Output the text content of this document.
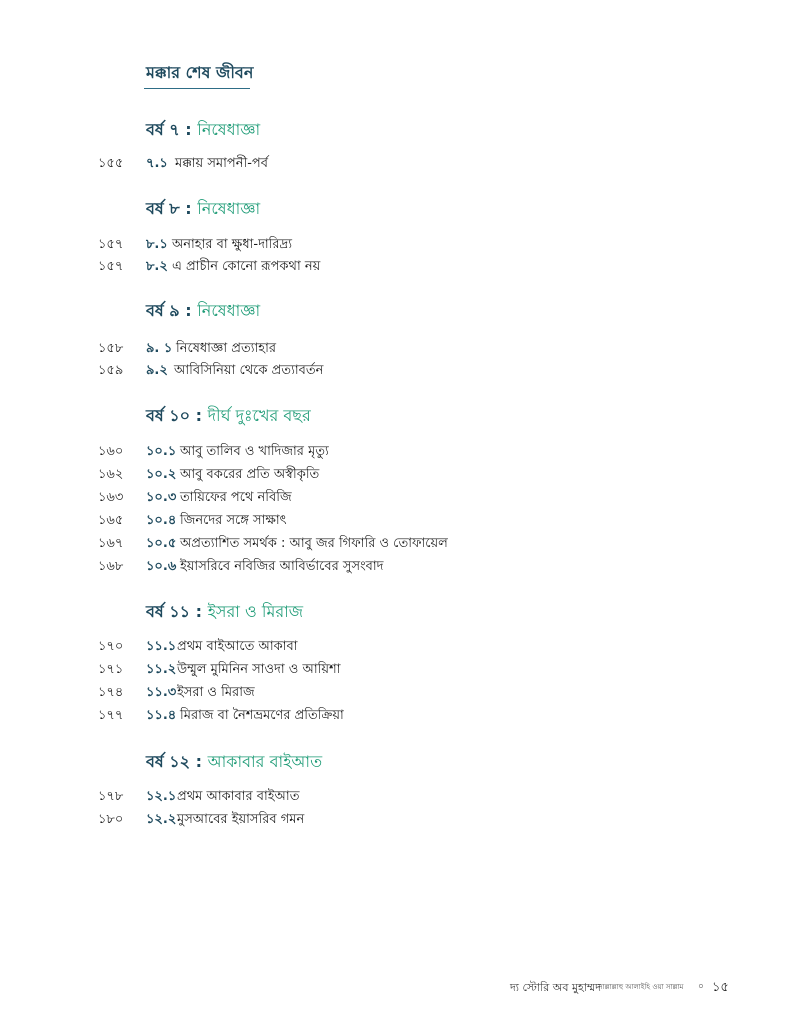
মক্কার শেষ জীবন
বর্ষ ৭ : নিষেধাজ্ঞা
১৫৫ ৭.১ মক্কায় সমাপনী-পর্ব
বর্ষ ৮ : নিষেধাজ্ঞা
১৫৭ ৮.১ অনাহার বা ক্ষুধা-দারিদ্র্য
১৫৭ ৮.২ এ প্রাচীন কোনো রূপকথা নয়
বর্ষ ৯ : নিষেধাজ্ঞা
১৫৮ ৯. ১ নিষেধাজ্ঞা প্রত্যাহার
১৫৯ ৯.২ আবিসিনিয়া থেকে প্রত্যাবর্তন
বর্ষ ১০ : দীর্ঘ দুঃখের বছর
১৬০ ১০.১ আবু তালিব ও খাদিজার মৃত্যু
১৬২ ১০.২ আবু বকরের প্রতি অস্বীকৃতি
১৬৩ ১০.৩ তায়িফের পথে নবিজি
১৬৫ ১০.৪ জিনদের সঙ্গে সাক্ষাৎ
১৬৭ ১০.৫ অপ্রত্যাশিত সমর্থক : আবু জর গিফারি ও তোফায়েল
১৬৮ ১০.৬ ইয়াসরিবে নবিজির আবির্ভাবের সুসংবাদ
বর্ষ ১১ : ইসরা ও মিরাজ
১৭০ ১১.১ প্রথম বাইআতে আকাবা
১৭১ ১১.২ উম্মুল মুমিনিন সাওদা ও আয়িশা
১৭৪ ১১.৩ ইসরা ও মিরাজ
১৭৭ ১১.৪ মিরাজ বা নৈশভ্রমণের প্রতিক্রিয়া
বর্ষ ১২ : আকাবার বাইআত
১৭৮ ১২.১ প্রথম আকাবার বাইআত
১৮০ ১২.২ মুসআবের ইয়াসরিব গমন
দ্য স্টোরি অব মুহাম্মদ
সাল্লাল্লাহু আলাইহি ওয়া সাল্লাম ০ ১৫
